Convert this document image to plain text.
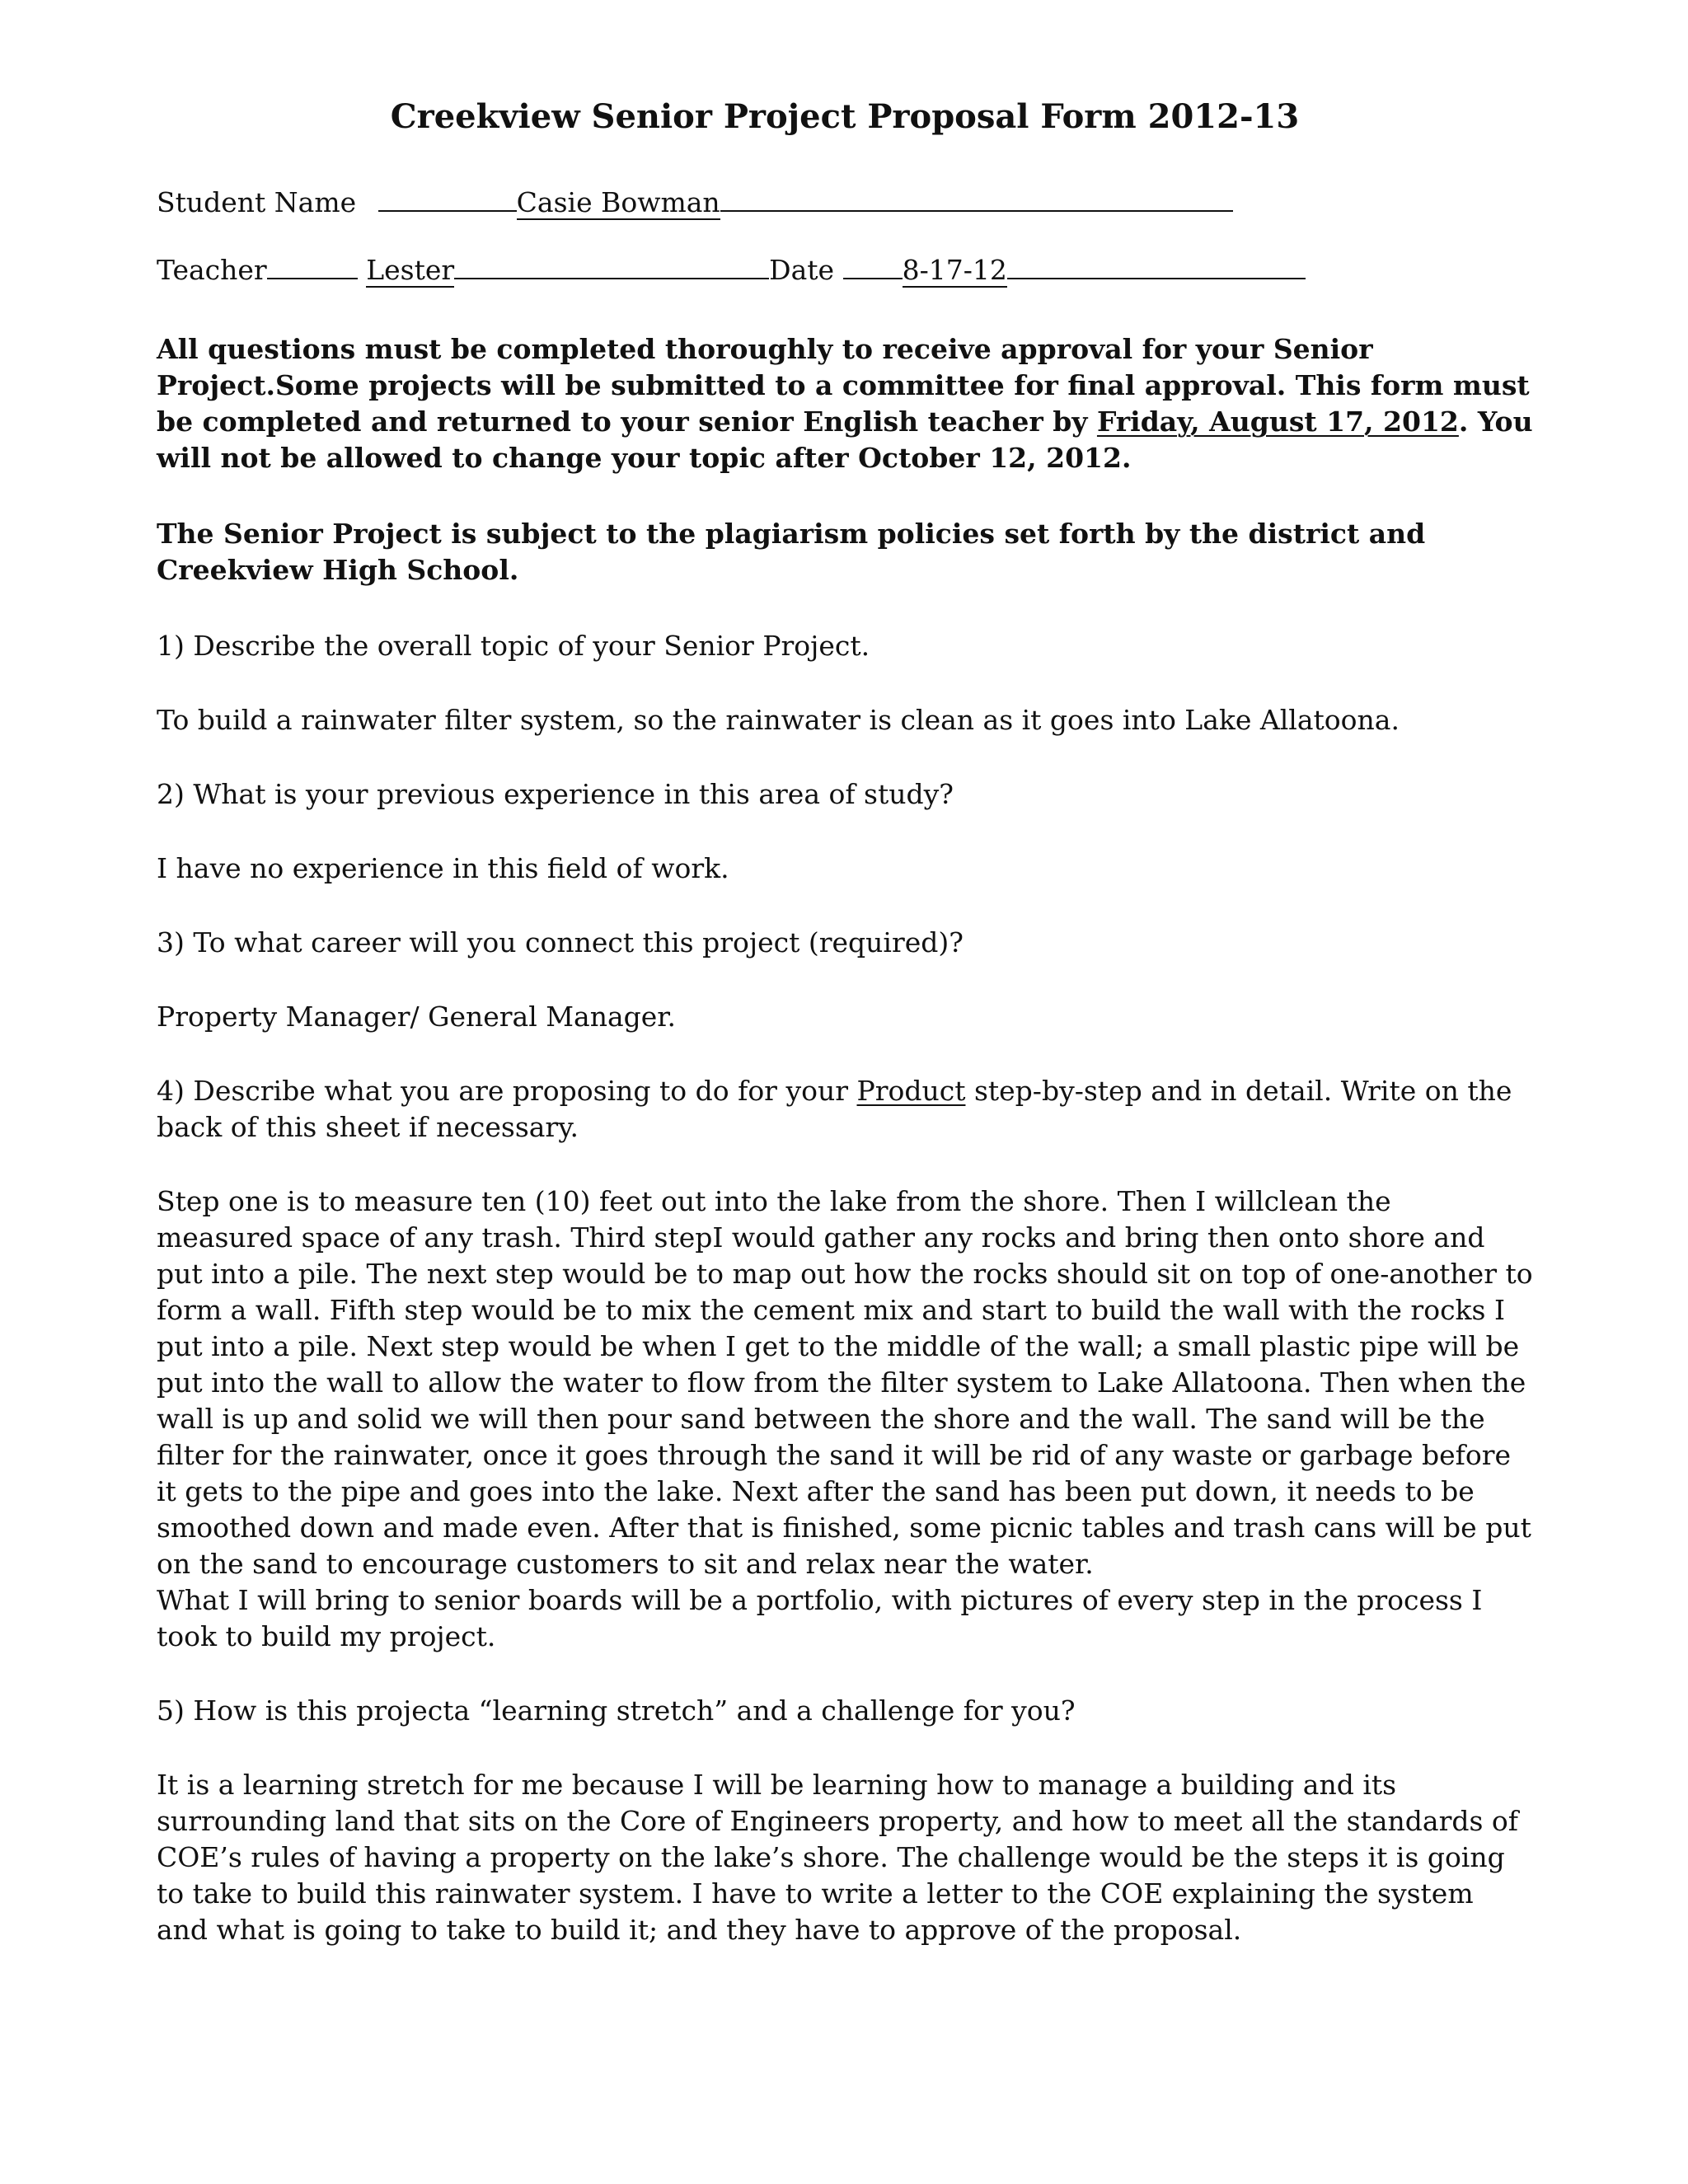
Creekview Senior Project Proposal Form 2012-13
Student Name	Casie Bowman
Teacher	Lester	Date	8-17-12

All questions must be completed thoroughly to receive approval for your Senior Project.Some projects will be submitted to a committee for final approval. This form must be completed and returned to your senior English teacher by Friday, August 17, 2012. You will not be allowed to change your topic after October 12, 2012.

The Senior Project is subject to the plagiarism policies set forth by the district and Creekview High School.

1) Describe the overall topic of your Senior Project.

To build a rainwater filter system, so the rainwater is clean as it goes into Lake Allatoona.

2) What is your previous experience in this area of study?

I have no experience in this field of work.

3) To what career will you connect this project (required)?

Property Manager/ General Manager.

4) Describe what you are proposing to do for your Product step-by-step and in detail. Write on the back of this sheet if necessary.

Step one is to measure ten (10) feet out into the lake from the shore. Then I willclean the measured space of any trash. Third stepI would gather any rocks and bring then onto shore and put into a pile. The next step would be to map out how the rocks should sit on top of one-another to form a wall. Fifth step would be to mix the cement mix and start to build the wall with the rocks I put into a pile. Next step would be when I get to the middle of the wall; a small plastic pipe will be put into the wall to allow the water to flow from the filter system to Lake Allatoona. Then when the wall is up and solid we will then pour sand between the shore and the wall. The sand will be the filter for the rainwater, once it goes through the sand it will be rid of any waste or garbage before it gets to the pipe and goes into the lake. Next after the sand has been put down, it needs to be smoothed down and made even. After that is finished, some picnic tables and trash cans will be put on the sand to encourage customers to sit and relax near the water.

What I will bring to senior boards will be a portfolio, with pictures of every step in the process I took to build my project.

5) How is this projecta “learning stretch” and a challenge for you?

It is a learning stretch for me because I will be learning how to manage a building and its surrounding land that sits on the Core of Engineers property, and how to meet all the standards of COE’s rules of having a property on the lake’s shore. The challenge would be the steps it is going to take to build this rainwater system. I have to write a letter to the COE explaining the system and what is going to take to build it; and they have to approve of the proposal.
